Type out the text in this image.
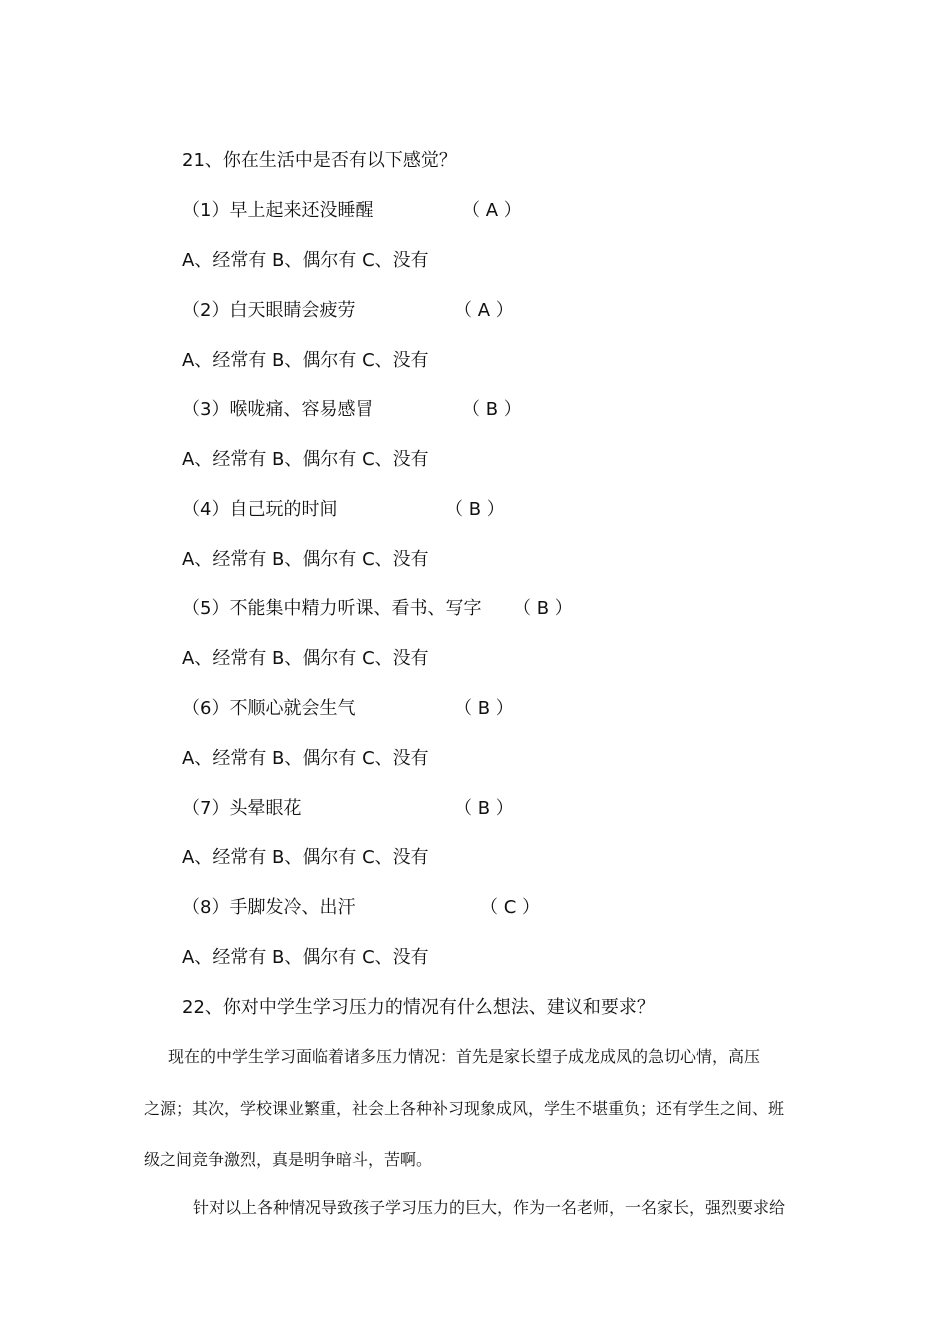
21、你在生活中是否有以下感觉？
（1）早上起来还没睡醒	（ A ）
A、经常有 B、偶尔有 C、没有
（2）白天眼睛会疲劳	（ A ）
A、经常有 B、偶尔有 C、没有
（3）喉咙痛、容易感冒	（ B ）
A、经常有 B、偶尔有 C、没有
（4）自己玩的时间	（ B ）
A、经常有 B、偶尔有 C、没有
（5）不能集中精力听课、看书、写字 （ B ）
A、经常有 B、偶尔有 C、没有
（6）不顺心就会生气	（ B ）
A、经常有 B、偶尔有 C、没有
（7）头晕眼花	（ B ）
A、经常有 B、偶尔有 C、没有
（8）手脚发冷、出汗	（ C ）
A、经常有 B、偶尔有 C、没有
22、你对中学生学习压力的情况有什么想法、建议和要求？
现在的中学生学习面临着诸多压力情况：首先是家长望子成龙成凤的急切心情，高压
之源；其次，学校课业繁重，社会上各种补习现象成风，学生不堪重负；还有学生之间、班
级之间竞争激烈，真是明争暗斗，苦啊。
针对以上各种情况导致孩子学习压力的巨大，作为一名老师，一名家长，强烈要求给
